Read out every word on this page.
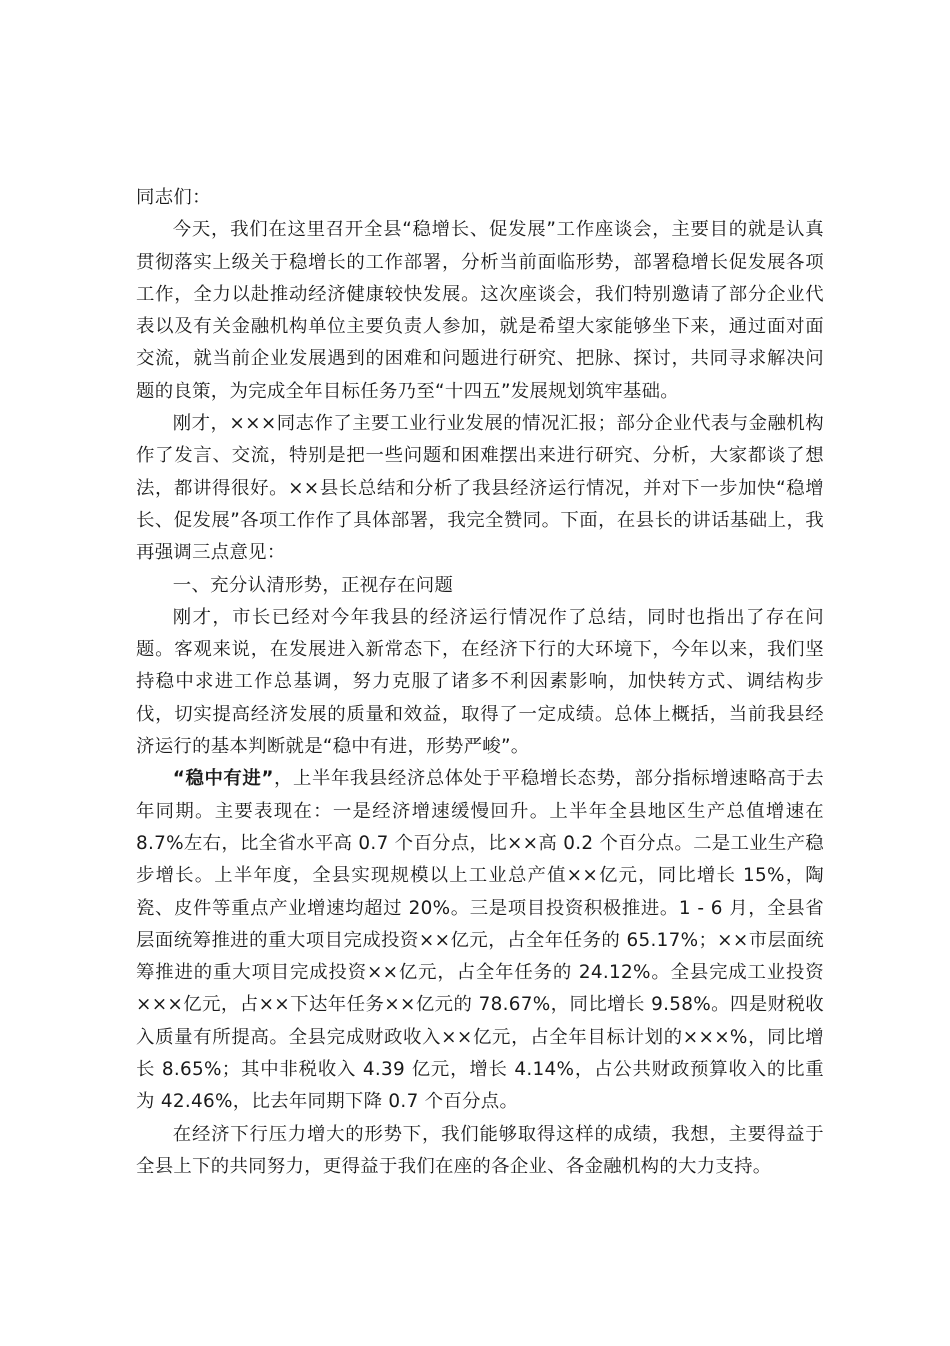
同志们：

今天，我们在这里召开全县“稳增长、促发展”工作座谈会，主要目的就是认真贯彻落实上级关于稳增长的工作部署，分析当前面临形势，部署稳增长促发展各项工作，全力以赴推动经济健康较快发展。这次座谈会，我们特别邀请了部分企业代表以及有关金融机构单位主要负责人参加，就是希望大家能够坐下来，通过面对面交流，就当前企业发展遇到的困难和问题进行研究、把脉、探讨，共同寻求解决问题的良策，为完成全年目标任务乃至“十四五”发展规划筑牢基础。

刚才，×××同志作了主要工业行业发展的情况汇报；部分企业代表与金融机构作了发言、交流，特别是把一些问题和困难摆出来进行研究、分析，大家都谈了想法，都讲得很好。××县长总结和分析了我县经济运行情况，并对下一步加快“稳增长、促发展”各项工作作了具体部署，我完全赞同。下面，在县长的讲话基础上，我再强调三点意见：

一、充分认清形势，正视存在问题

刚才，市长已经对今年我县的经济运行情况作了总结，同时也指出了存在问题。客观来说，在发展进入新常态下，在经济下行的大环境下，今年以来，我们坚持稳中求进工作总基调，努力克服了诸多不利因素影响，加快转方式、调结构步伐，切实提高经济发展的质量和效益，取得了一定成绩。总体上概括，当前我县经济运行的基本判断就是“稳中有进，形势严峻”。

“稳中有进”，上半年我县经济总体处于平稳增长态势，部分指标增速略高于去年同期。主要表现在：一是经济增速缓慢回升。上半年全县地区生产总值增速在 8.7%左右，比全省水平高 0.7 个百分点，比××高 0.2 个百分点。二是工业生产稳步增长。上半年度，全县实现规模以上工业总产值××亿元，同比增长 15%，陶瓷、皮件等重点产业增速均超过 20%。三是项目投资积极推进。1 - 6 月，全县省层面统筹推进的重大项目完成投资××亿元，占全年任务的 65.17%；××市层面统筹推进的重大项目完成投资××亿元，占全年任务的 24.12%。全县完成工业投资×××亿元，占××下达年任务××亿元的 78.67%，同比增长 9.58%。四是财税收入质量有所提高。全县完成财政收入××亿元，占全年目标计划的×××%，同比增长 8.65%；其中非税收入 4.39 亿元，增长 4.14%，占公共财政预算收入的比重为 42.46%，比去年同期下降 0.7 个百分点。

在经济下行压力增大的形势下，我们能够取得这样的成绩，我想，主要得益于全县上下的共同努力，更得益于我们在座的各企业、各金融机构的大力支持。
